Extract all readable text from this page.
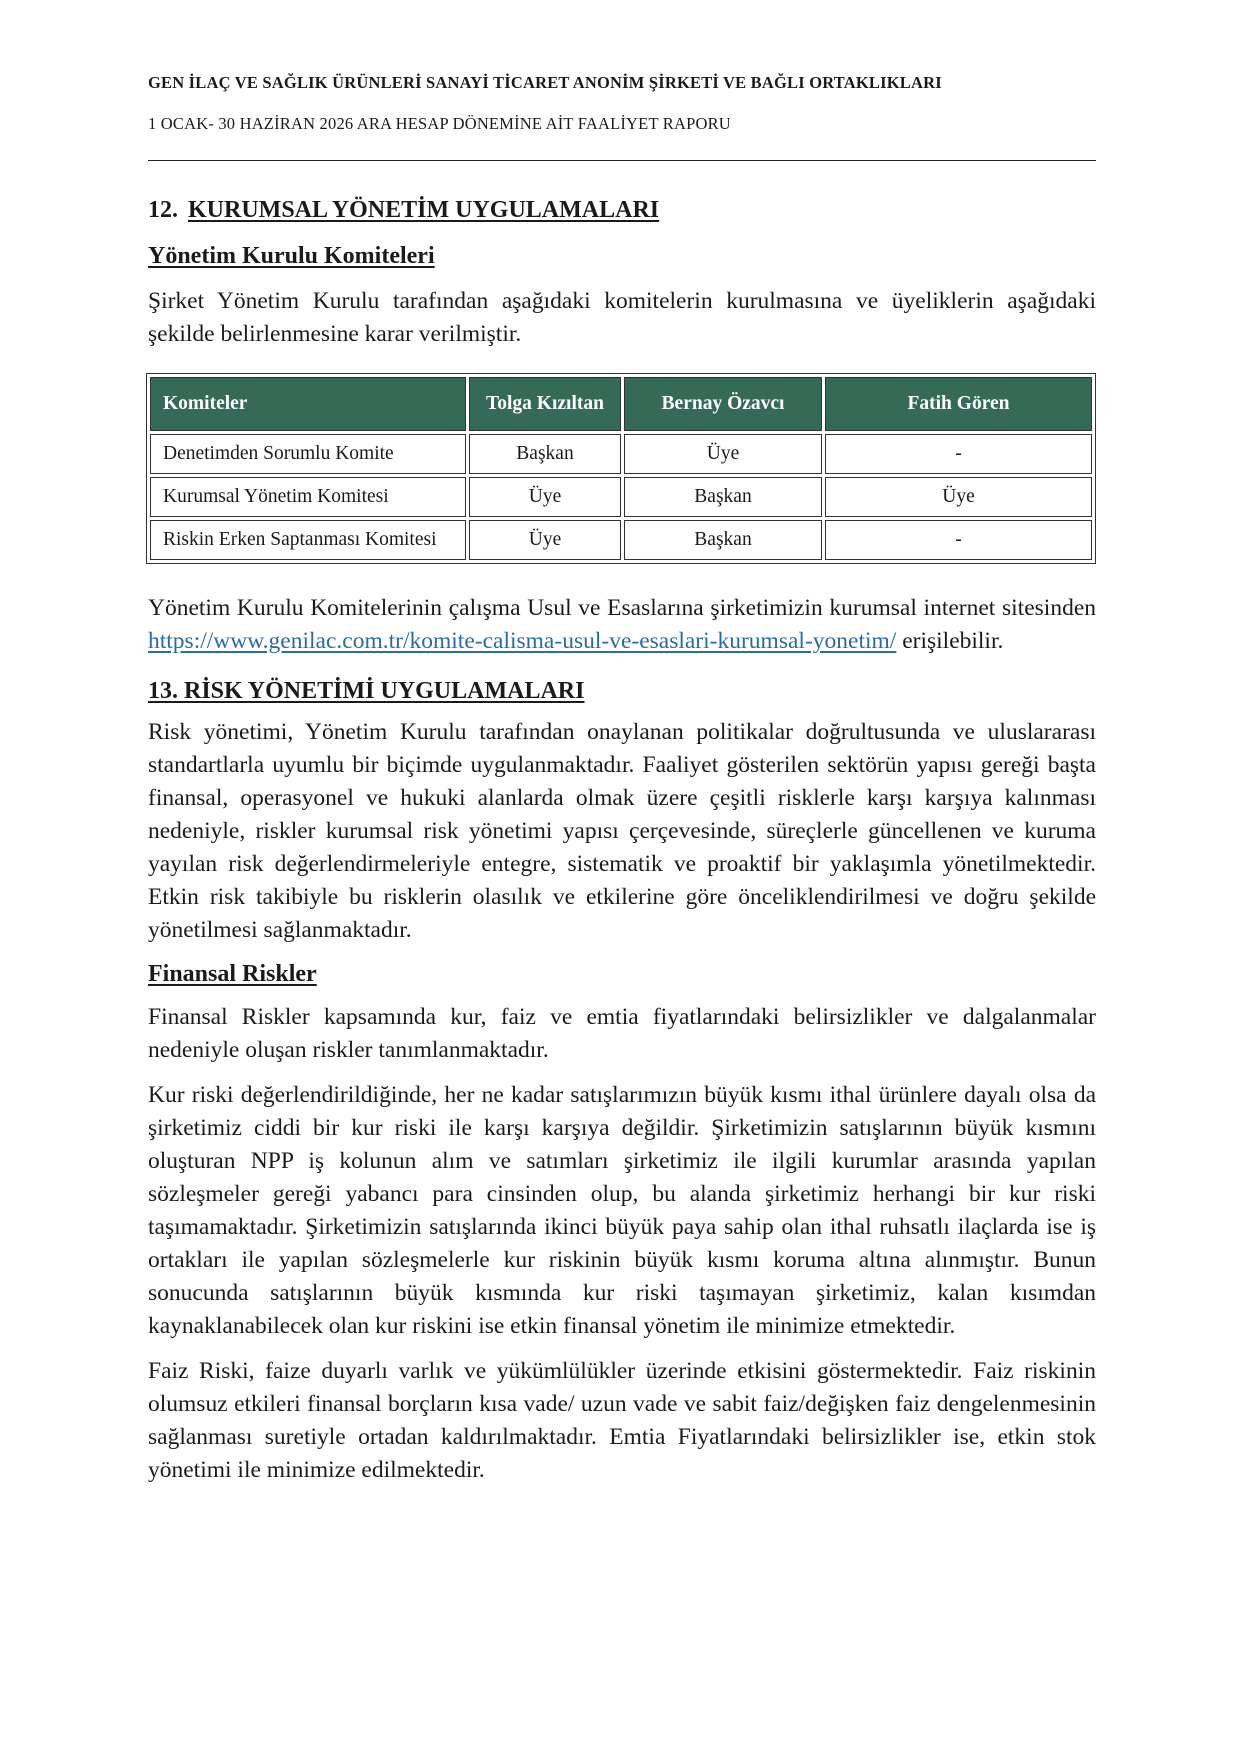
GEN İLAÇ VE SAĞLIK ÜRÜNLERİ SANAYİ TİCARET ANONİM ŞİRKETİ VE BAĞLI ORTAKLIKLARI
1 OCAK- 30 HAZİRAN 2026 ARA HESAP DÖNEMİNE AİT FAALİYET RAPORU
12. KURUMSAL YÖNETİM UYGULAMALARI
Yönetim Kurulu Komiteleri

Şirket Yönetim Kurulu tarafından aşağıdaki komitelerin kurulmasına ve üyeliklerin aşağıdaki şekilde belirlenmesine karar verilmiştir.

Komiteler	Tolga Kızıltan	Bernay Özavcı	Fatih Gören
Denetimden Sorumlu Komite	Başkan	Üye	-
Kurumsal Yönetim Komitesi	Üye	Başkan	Üye
Riskin Erken Saptanması Komitesi	Üye	Başkan	-

Yönetim Kurulu Komitelerinin çalışma Usul ve Esaslarına şirketimizin kurumsal internet sitesinden https://www.genilac.com.tr/komite-calisma-usul-ve-esaslari-kurumsal-yonetim/ erişilebilir.

13. RİSK YÖNETİMİ UYGULAMALARI

Risk yönetimi, Yönetim Kurulu tarafından onaylanan politikalar doğrultusunda ve uluslararası standartlarla uyumlu bir biçimde uygulanmaktadır. Faaliyet gösterilen sektörün yapısı gereği başta finansal, operasyonel ve hukuki alanlarda olmak üzere çeşitli risklerle karşı karşıya kalınması nedeniyle, riskler kurumsal risk yönetimi yapısı çerçevesinde, süreçlerle güncellenen ve kuruma yayılan risk değerlendirmeleriyle entegre, sistematik ve proaktif bir yaklaşımla yönetilmektedir. Etkin risk takibiyle bu risklerin olasılık ve etkilerine göre önceliklendirilmesi ve doğru şekilde yönetilmesi sağlanmaktadır.

Finansal Riskler

Finansal Riskler kapsamında kur, faiz ve emtia fiyatlarındaki belirsizlikler ve dalgalanmalar nedeniyle oluşan riskler tanımlanmaktadır.

Kur riski değerlendirildiğinde, her ne kadar satışlarımızın büyük kısmı ithal ürünlere dayalı olsa da şirketimiz ciddi bir kur riski ile karşı karşıya değildir. Şirketimizin satışlarının büyük kısmını oluşturan NPP iş kolunun alım ve satımları şirketimiz ile ilgili kurumlar arasında yapılan sözleşmeler gereği yabancı para cinsinden olup, bu alanda şirketimiz herhangi bir kur riski taşımamaktadır. Şirketimizin satışlarında ikinci büyük paya sahip olan ithal ruhsatlı ilaçlarda ise iş ortakları ile yapılan sözleşmelerle kur riskinin büyük kısmı koruma altına alınmıştır. Bunun sonucunda satışlarının büyük kısmında kur riski taşımayan şirketimiz, kalan kısımdan kaynaklanabilecek olan kur riskini ise etkin finansal yönetim ile minimize etmektedir.

Faiz Riski, faize duyarlı varlık ve yükümlülükler üzerinde etkisini göstermektedir. Faiz riskinin olumsuz etkileri finansal borçların kısa vade/ uzun vade ve sabit faiz/değişken faiz dengelenmesinin sağlanması suretiyle ortadan kaldırılmaktadır. Emtia Fiyatlarındaki belirsizlikler ise, etkin stok yönetimi ile minimize edilmektedir.
